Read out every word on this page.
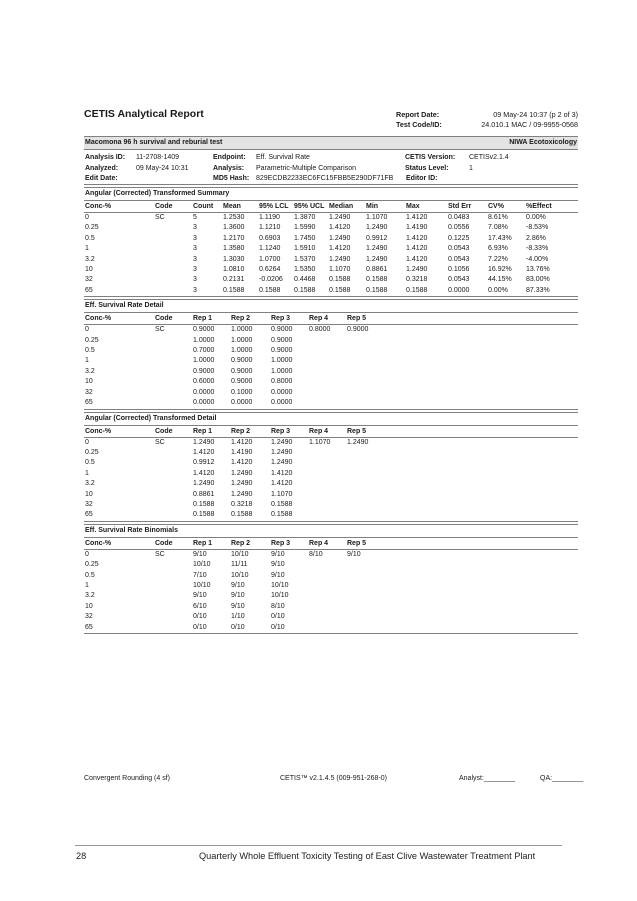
CETIS Analytical Report	Report Date:	09 May-24 10:37 (p 2 of 3)
Test Code/ID:	24.010.1 MAC / 09-9955-0568
Macomona 96 h survival and reburial test	NIWA Ecotoxicology
Analysis ID: 11-2708-1409
Analyzed:	09 May-24 10:31
Edit Date:
Endpoint: Eff. Survival Rate
Analysis: Parametric-Multiple Comparison
MD5 Hash: 829ECDB2233EC6FC15FBB5E290DF71FB
CETIS Version: CETISv2.1.4
Status Level:	1
Editor ID:
Angular (Corrected) Transformed Summary
Conc-%	Code	Count	Mean	95% LCL	95% UCL	Median	Min	Max	Std Err	CV%	%Effect
0	SC	5	1.2530	1.1190	1.3870	1.2490	1.1070	1.4120	0.0483	8.61%	0.00%
0.25		3	1.3600	1.1210	1.5990	1.4120	1.2490	1.4190	0.0556	7.08%	-8.53%
0.5		3	1.2170	0.6903	1.7450	1.2490	0.9912	1.4120	0.1225	17.43%	2.86%
1		3	1.3580	1.1240	1.5910	1.4120	1.2490	1.4120	0.0543	6.93%	-8.33%
3.2		3	1.3030	1.0700	1.5370	1.2490	1.2490	1.4120	0.0543	7.22%	-4.00%
10		3	1.0810	0.6264	1.5350	1.1070	0.8861	1.2490	0.1056	16.92%	13.76%
32		3	0.2131	-0.0206	0.4468	0.1588	0.1588	0.3218	0.0543	44.15%	83.00%
65		3	0.1588	0.1588	0.1588	0.1588	0.1588	0.1588	0.0000	0.00%	87.33%
Eff. Survival Rate Detail
Conc-%	Code	Rep 1	Rep 2	Rep 3	Rep 4	Rep 5	
0	SC	0.9000	1.0000	0.9000	0.8000	0.9000	
0.25		1.0000	1.0000	0.9000			
0.5		0.7000	1.0000	0.9000			
1		1.0000	0.9000	1.0000			
3.2		0.9000	0.9000	1.0000			
10		0.6000	0.9000	0.8000			
32		0.0000	0.1000	0.0000			
65		0.0000	0.0000	0.0000			
Angular (Corrected) Transformed Detail
Conc-%	Code	Rep 1	Rep 2	Rep 3	Rep 4	Rep 5	
0	SC	1.2490	1.4120	1.2490	1.1070	1.2490	
0.25		1.4120	1.4190	1.2490			
0.5		0.9912	1.4120	1.2490			
1		1.4120	1.2490	1.4120			
3.2		1.2490	1.2490	1.4120			
10		0.8861	1.2490	1.1070			
32		0.1588	0.3218	0.1588			
65		0.1588	0.1588	0.1588			
Eff. Survival Rate Binomials
Conc-%	Code	Rep 1	Rep 2	Rep 3	Rep 4	Rep 5	
0	SC	9/10	10/10	9/10	8/10	9/10	
0.25		10/10	11/11	9/10			
0.5		7/10	10/10	9/10			
1		10/10	9/10	10/10			
3.2		9/10	9/10	10/10			
10		6/10	9/10	8/10			
32		0/10	1/10	0/10			
65		0/10	0/10	0/10			
Convergent Rounding (4 sf)	CETIS™ v2.1.4.5 (009-951-268-0)	Analyst:________	QA:________
28	Quarterly Whole Effluent Toxicity Testing of East Clive Wastewater Treatment Plant
